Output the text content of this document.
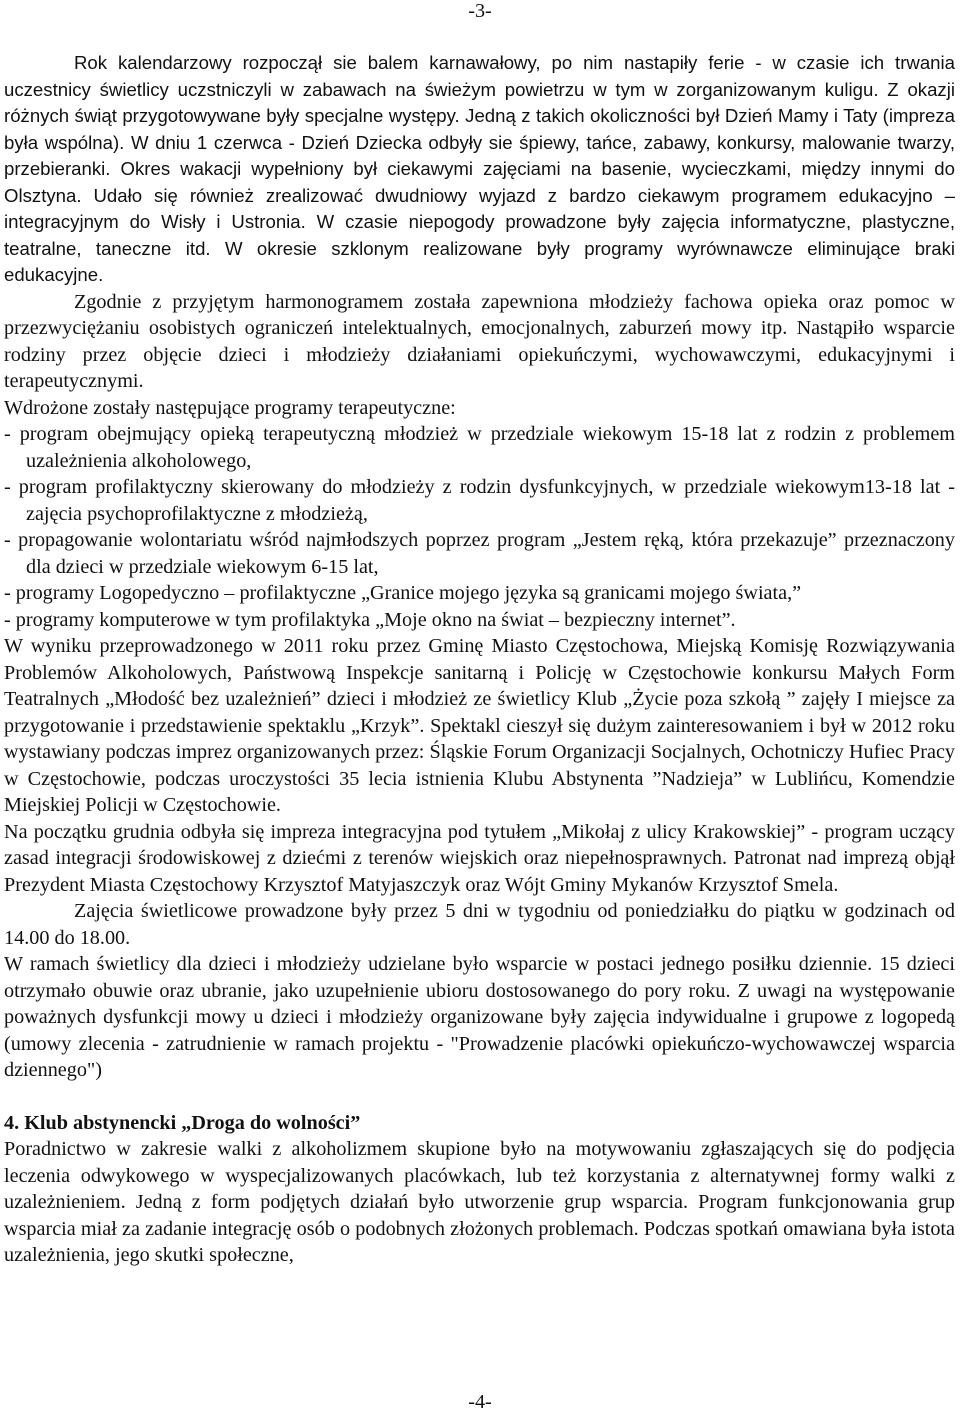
-3-

Rok kalendarzowy rozpoczął sie balem karnawałowy, po nim nastapiły ferie - w czasie ich trwania uczestnicy świetlicy uczstniczyli w zabawach na świeżym powietrzu w tym w zorganizowanym kuligu. Z okazji różnych świąt przygotowywane były specjalne występy. Jedną z takich okoliczności był Dzień Mamy i Taty (impreza była wspólna). W dniu 1 czerwca - Dzień Dziecka odbyły sie śpiewy, tańce, zabawy, konkursy, malowanie twarzy, przebieranki. Okres wakacji wypełniony był ciekawymi zajęciami na basenie, wycieczkami, między innymi do Olsztyna. Udało się również zrealizować dwudniowy wyjazd z bardzo ciekawym programem edukacyjno – integracyjnym do Wisły i Ustronia. W czasie niepogody prowadzone były zajęcia informatyczne, plastyczne, teatralne, taneczne itd. W okresie szklonym realizowane były programy wyrównawcze eliminujące braki edukacyjne.

Zgodnie z przyjętym harmonogramem została zapewniona młodzieży fachowa opieka oraz pomoc w przezwyciężaniu osobistych ograniczeń intelektualnych, emocjonalnych, zaburzeń mowy itp. Nastąpiło wsparcie rodziny przez objęcie dzieci i młodzieży działaniami opiekuńczymi, wychowawczymi, edukacyjnymi i terapeutycznymi.

Wdrożone zostały następujące programy terapeutyczne:

- program obejmujący opieką terapeutyczną młodzież w przedziale wiekowym 15-18 lat z rodzin z problemem uzależnienia alkoholowego,

- program profilaktyczny skierowany do młodzieży z rodzin dysfunkcyjnych, w przedziale wiekowym13-18 lat - zajęcia psychoprofilaktyczne z młodzieżą,

- propagowanie wolontariatu wśród najmłodszych poprzez program „Jestem ręką, która przekazuje” przeznaczony dla dzieci w przedziale wiekowym 6-15 lat,

- programy Logopedyczno – profilaktyczne „Granice mojego języka są granicami mojego świata,”

- programy komputerowe w tym profilaktyka „Moje okno na świat – bezpieczny internet”.

W wyniku przeprowadzonego w 2011 roku przez Gminę Miasto Częstochowa, Miejską Komisję Rozwiązywania Problemów Alkoholowych, Państwową Inspekcje sanitarną i Policję w Częstochowie konkursu Małych Form Teatralnych „Młodość bez uzależnień” dzieci i młodzież ze świetlicy Klub „Życie poza szkołą ” zajęły I miejsce za przygotowanie i przedstawienie spektaklu „Krzyk”. Spektakl cieszył się dużym zainteresowaniem i był w 2012 roku wystawiany podczas imprez organizowanych przez: Śląskie Forum Organizacji Socjalnych, Ochotniczy Hufiec Pracy w Częstochowie, podczas uroczystości 35 lecia istnienia Klubu Abstynenta ”Nadzieja” w Lublińcu, Komendzie Miejskiej Policji w Częstochowie.

Na początku grudnia odbyła się impreza integracyjna pod tytułem „Mikołaj z ulicy Krakowskiej” - program uczący zasad integracji środowiskowej z dziećmi z terenów wiejskich oraz niepełnosprawnych. Patronat nad imprezą objął Prezydent Miasta Częstochowy Krzysztof Matyjaszczyk oraz Wójt Gminy Mykanów Krzysztof Smela.

Zajęcia świetlicowe prowadzone były przez 5 dni w tygodniu od poniedziałku do piątku w godzinach od 14.00 do 18.00.

W ramach świetlicy dla dzieci i młodzieży udzielane było wsparcie w postaci jednego posiłku dziennie. 15 dzieci otrzymało obuwie oraz ubranie, jako uzupełnienie ubioru dostosowanego do pory roku. Z uwagi na występowanie poważnych dysfunkcji mowy u dzieci i młodzieży organizowane były zajęcia indywidualne i grupowe z logopedą (umowy zlecenia - zatrudnienie w ramach projektu - "Prowadzenie placówki opiekuńczo-wychowawczej wsparcia dziennego")

4. Klub abstynencki „Droga do wolności”

Poradnictwo w zakresie walki z alkoholizmem skupione było na motywowaniu zgłaszających się do podjęcia leczenia odwykowego w wyspecjalizowanych placówkach, lub też korzystania z alternatywnej formy walki z uzależnieniem. Jedną z form podjętych działań było utworzenie grup wsparcia. Program funkcjonowania grup wsparcia miał za zadanie integrację osób o podobnych złożonych problemach. Podczas spotkań omawiana była istota uzależnienia, jego skutki społeczne,

-4-
